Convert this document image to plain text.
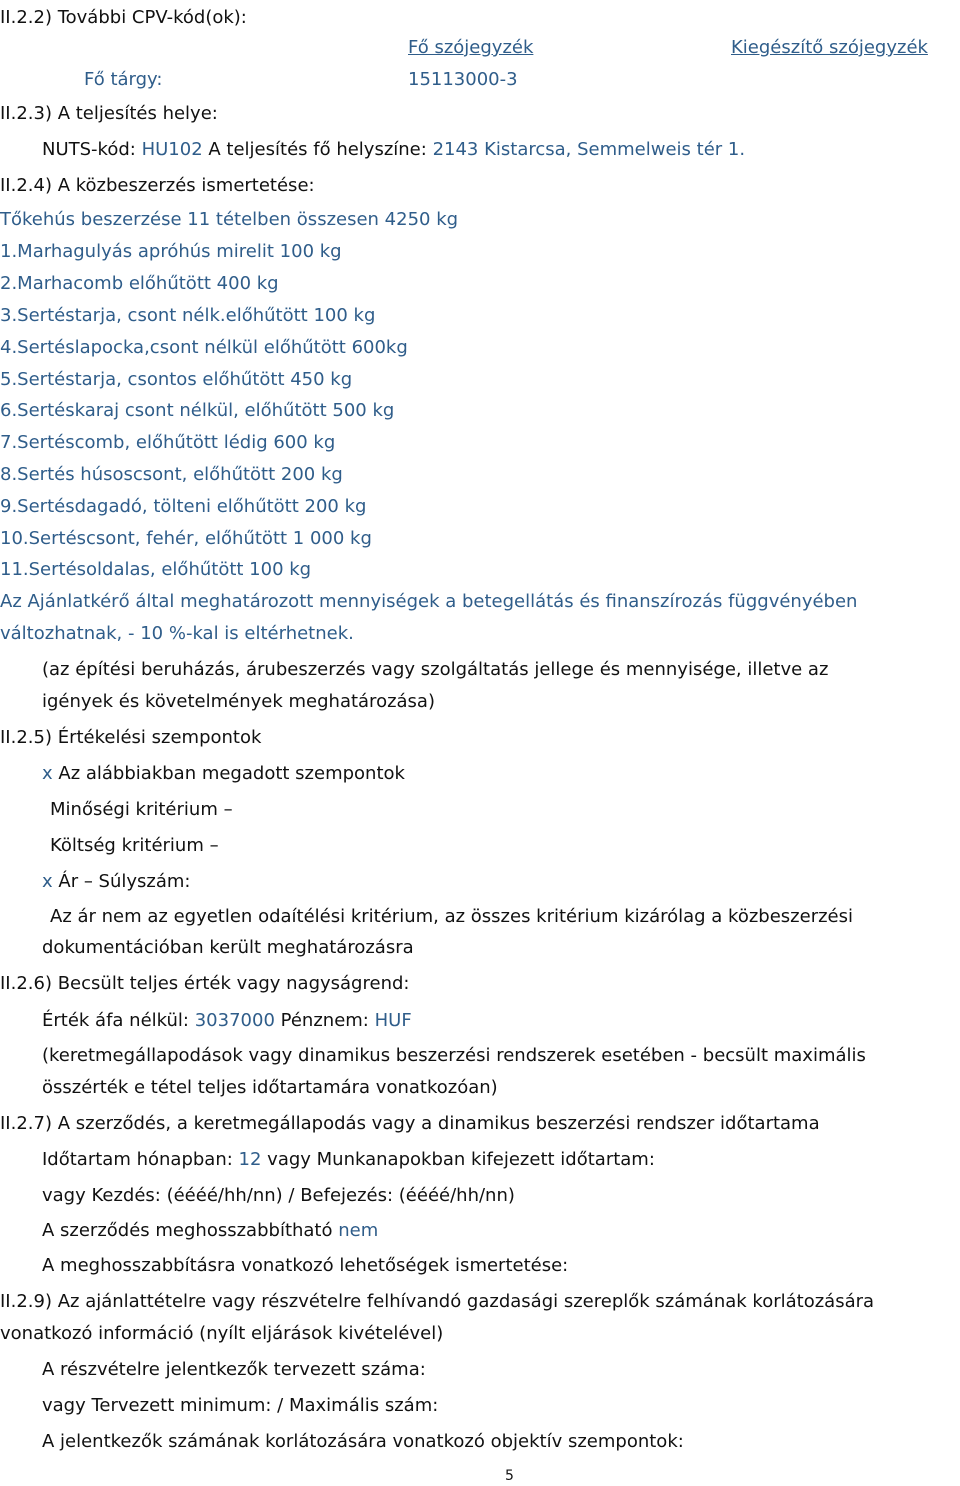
II.2.2) További CPV-kód(ok):
Fő szójegyzék	Kiegészítő szójegyzék
Fő tárgy:	15113000-3
II.2.3) A teljesítés helye:
NUTS-kód: HU102 A teljesítés fő helyszíne: 2143 Kistarcsa, Semmelweis tér 1.
II.2.4) A közbeszerzés ismertetése:
Tőkehús beszerzése 11 tételben összesen 4250 kg
1.Marhagulyás apróhús mirelit 100 kg
2.Marhacomb előhűtött 400 kg
3.Sertéstarja, csont nélk.előhűtött 100 kg
4.Sertéslapocka,csont nélkül előhűtött 600kg
5.Sertéstarja, csontos előhűtött 450 kg
6.Sertéskaraj csont nélkül, előhűtött 500 kg
7.Sertéscomb, előhűtött lédig 600 kg
8.Sertés húsoscsont, előhűtött 200 kg
9.Sertésdagadó, tölteni előhűtött 200 kg
10.Sertéscsont, fehér, előhűtött 1 000 kg
11.Sertésoldalas, előhűtött 100 kg
Az Ajánlatkérő által meghatározott mennyiségek a betegellátás és finanszírozás függvényében
változhatnak, - 10 %-kal is eltérhetnek.
(az építési beruházás, árubeszerzés vagy szolgáltatás jellege és mennyisége, illetve az
igények és követelmények meghatározása)
II.2.5) Értékelési szempontok
x Az alábbiakban megadott szempontok
Minőségi kritérium –
Költség kritérium –
x Ár – Súlyszám:
Az ár nem az egyetlen odaítélési kritérium, az összes kritérium kizárólag a közbeszerzési
dokumentációban került meghatározásra
II.2.6) Becsült teljes érték vagy nagyságrend:
Érték áfa nélkül: 3037000 Pénznem: HUF
(keretmegállapodások vagy dinamikus beszerzési rendszerek esetében - becsült maximális
összérték e tétel teljes időtartamára vonatkozóan)
II.2.7) A szerződés, a keretmegállapodás vagy a dinamikus beszerzési rendszer időtartama
Időtartam hónapban: 12 vagy Munkanapokban kifejezett időtartam:
vagy Kezdés: (éééé/hh/nn) / Befejezés: (éééé/hh/nn)
A szerződés meghosszabbítható nem
A meghosszabbításra vonatkozó lehetőségek ismertetése:
II.2.9) Az ajánlattételre vagy részvételre felhívandó gazdasági szereplők számának korlátozására
vonatkozó információ (nyílt eljárások kivételével)
A részvételre jelentkezők tervezett száma:
vagy Tervezett minimum: / Maximális szám:
A jelentkezők számának korlátozására vonatkozó objektív szempontok:
5
